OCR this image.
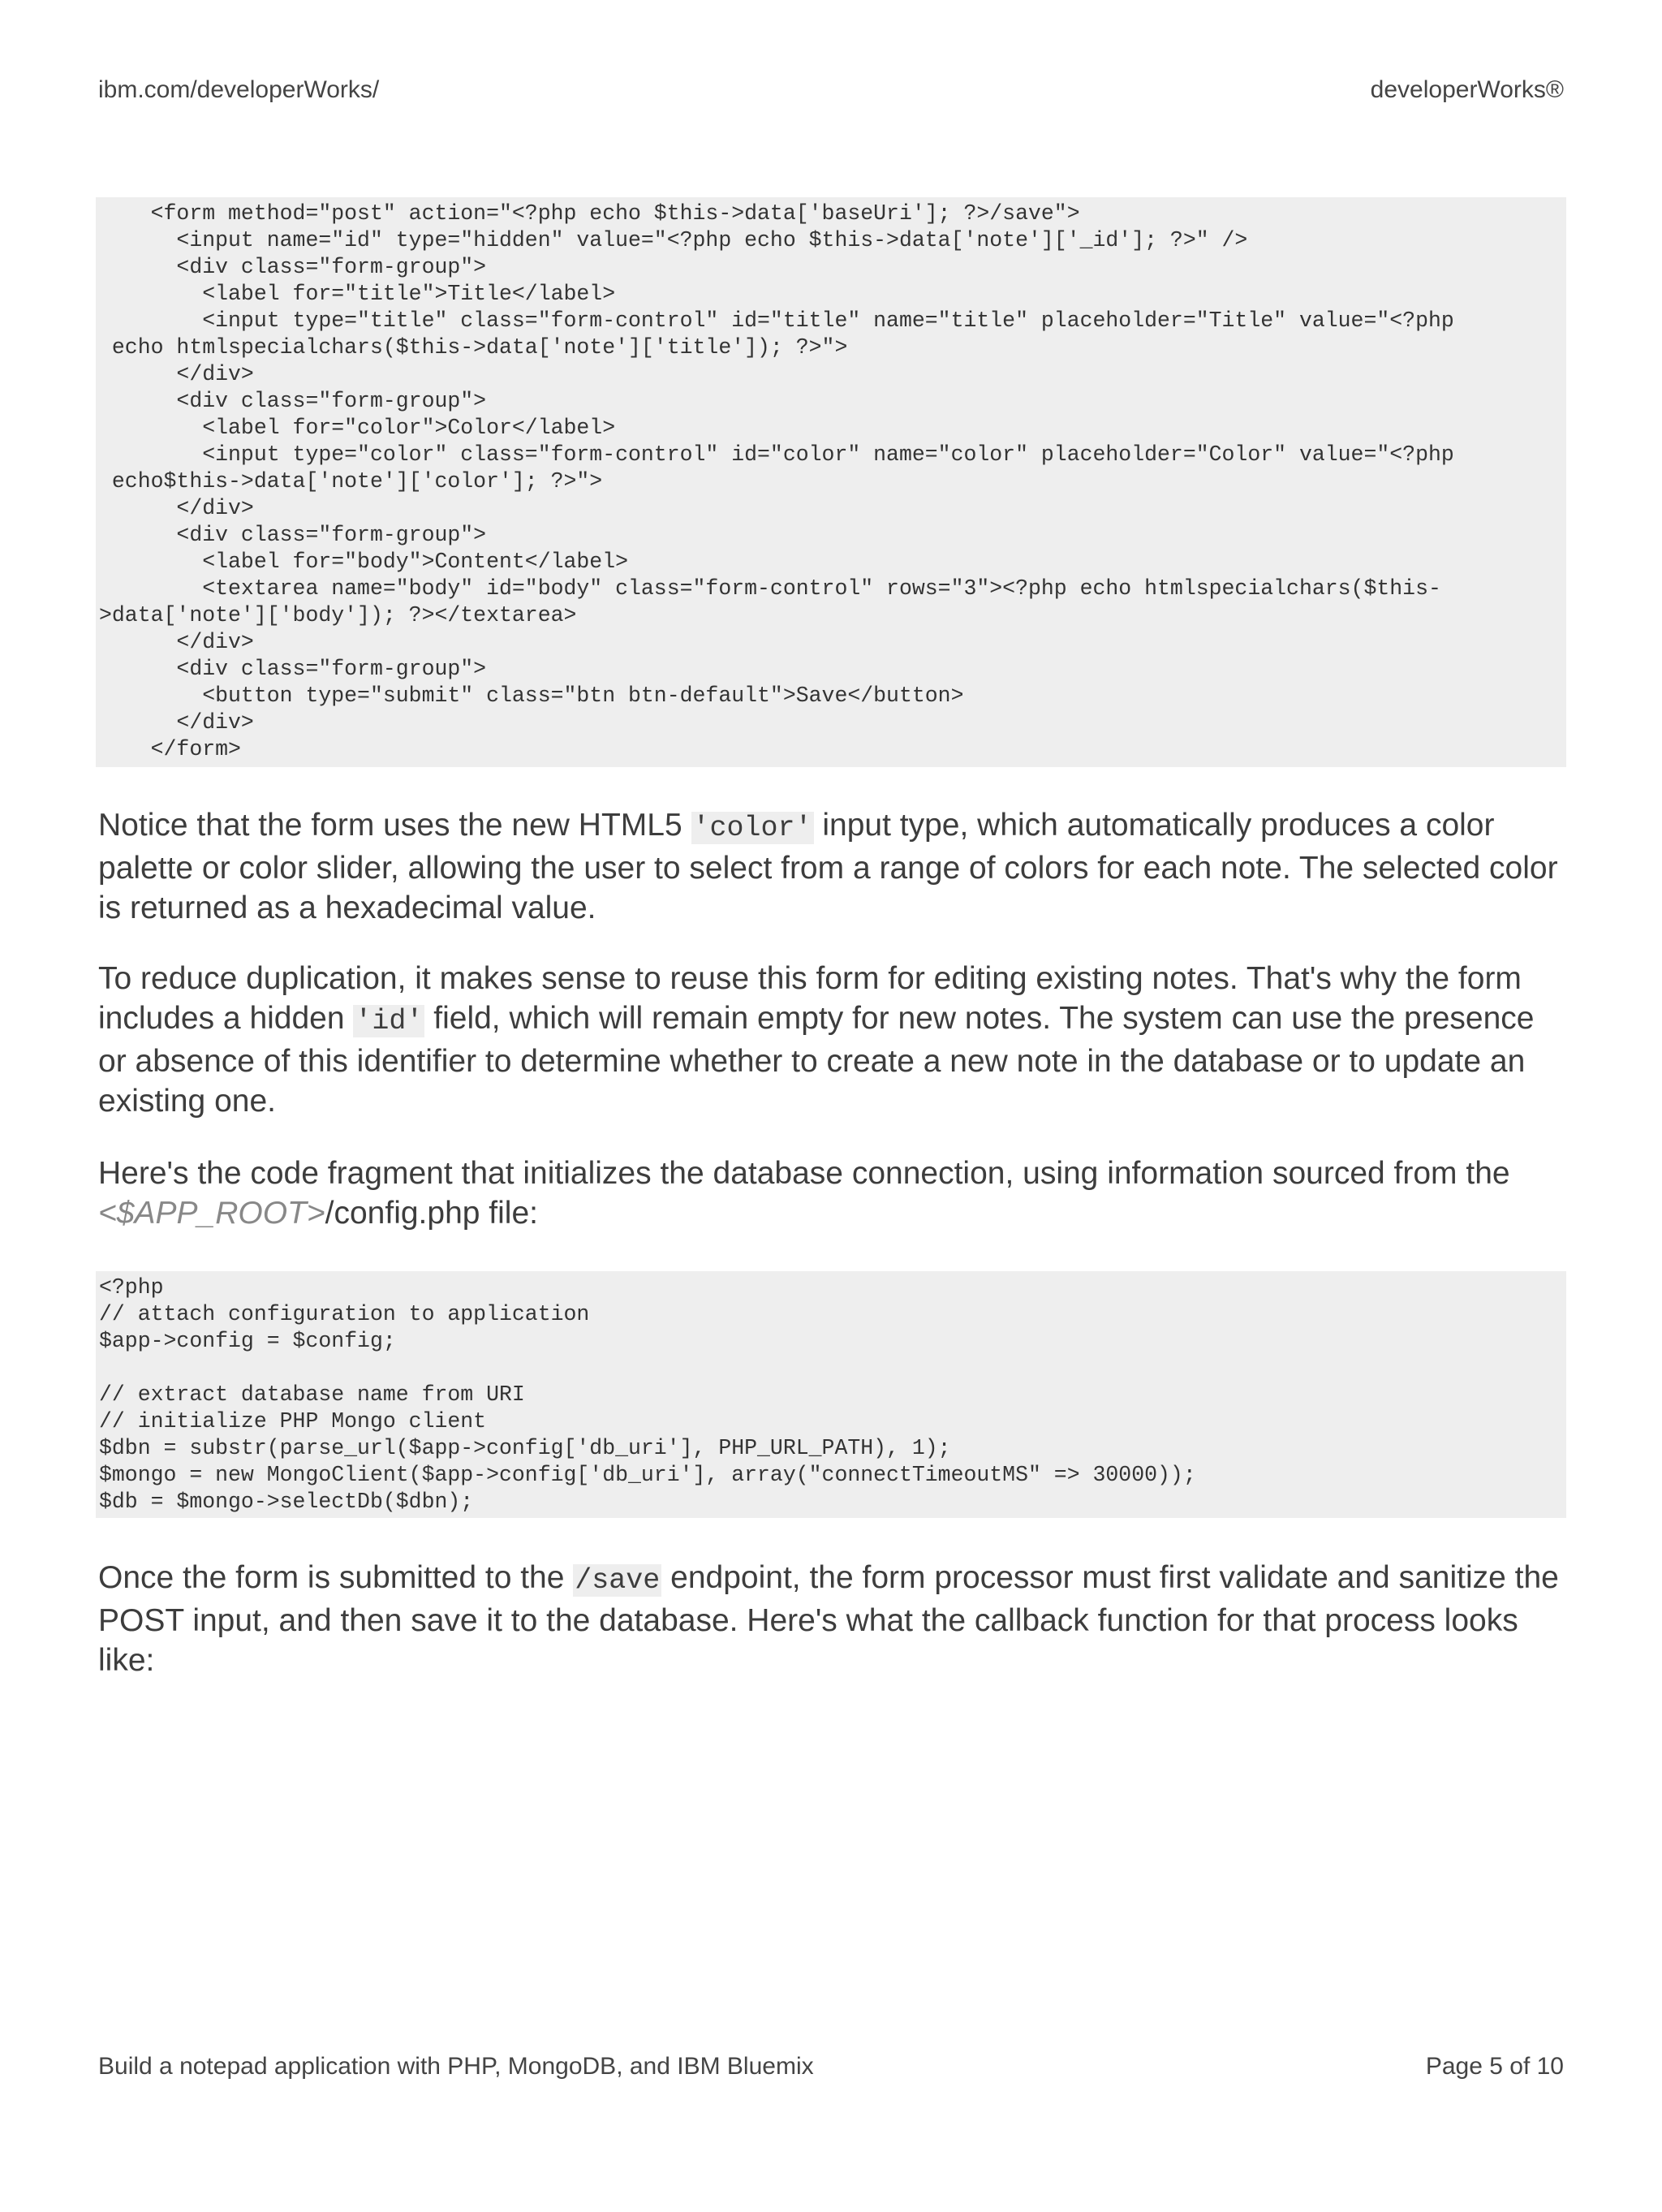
ibm.com/developerWorks/	developerWorks®
<form method="post" action="<?php echo $this->data['baseUri']; ?>/save">
<input name="id" type="hidden" value="<?php echo $this->data['note']['_id']; ?>" />
<div class="form-group">
<label for="title">Title</label>
<input type="title" class="form-control" id="title" name="title" placeholder="Title" value="<?php
echo htmlspecialchars($this->data['note']['title']); ?>">
</div>
<div class="form-group">
<label for="color">Color</label>
<input type="color" class="form-control" id="color" name="color" placeholder="Color" value="<?php
echo$this->data['note']['color']; ?>">
</div>
<div class="form-group">
<label for="body">Content</label>
<textarea name="body" id="body" class="form-control" rows="3"><?php echo htmlspecialchars($this-
>data['note']['body']); ?></textarea>
</div>
<div class="form-group">
<button type="submit" class="btn btn-default">Save</button>
</div>
</form>

Notice that the form uses the new HTML5 'color' input type, which automatically produces a color palette or color slider, allowing the user to select from a range of colors for each note. The selected color is returned as a hexadecimal value.

To reduce duplication, it makes sense to reuse this form for editing existing notes. That's why the form includes a hidden 'id' field, which will remain empty for new notes. The system can use the presence or absence of this identifier to determine whether to create a new note in the database or to update an existing one.

Here's the code fragment that initializes the database connection, using information sourced from the <$APP_ROOT>/config.php file:

<?php
// attach configuration to application
$app->config = $config;

// extract database name from URI
// initialize PHP Mongo client
$dbn = substr(parse_url($app->config['db_uri'], PHP_URL_PATH), 1);
$mongo = new MongoClient($app->config['db_uri'], array("connectTimeoutMS" => 30000));
$db = $mongo->selectDb($dbn);

Once the form is submitted to the /save endpoint, the form processor must first validate and sanitize the POST input, and then save it to the database. Here's what the callback function for that process looks like:

Build a notepad application with PHP, MongoDB, and IBM Bluemix	Page 5 of 10
